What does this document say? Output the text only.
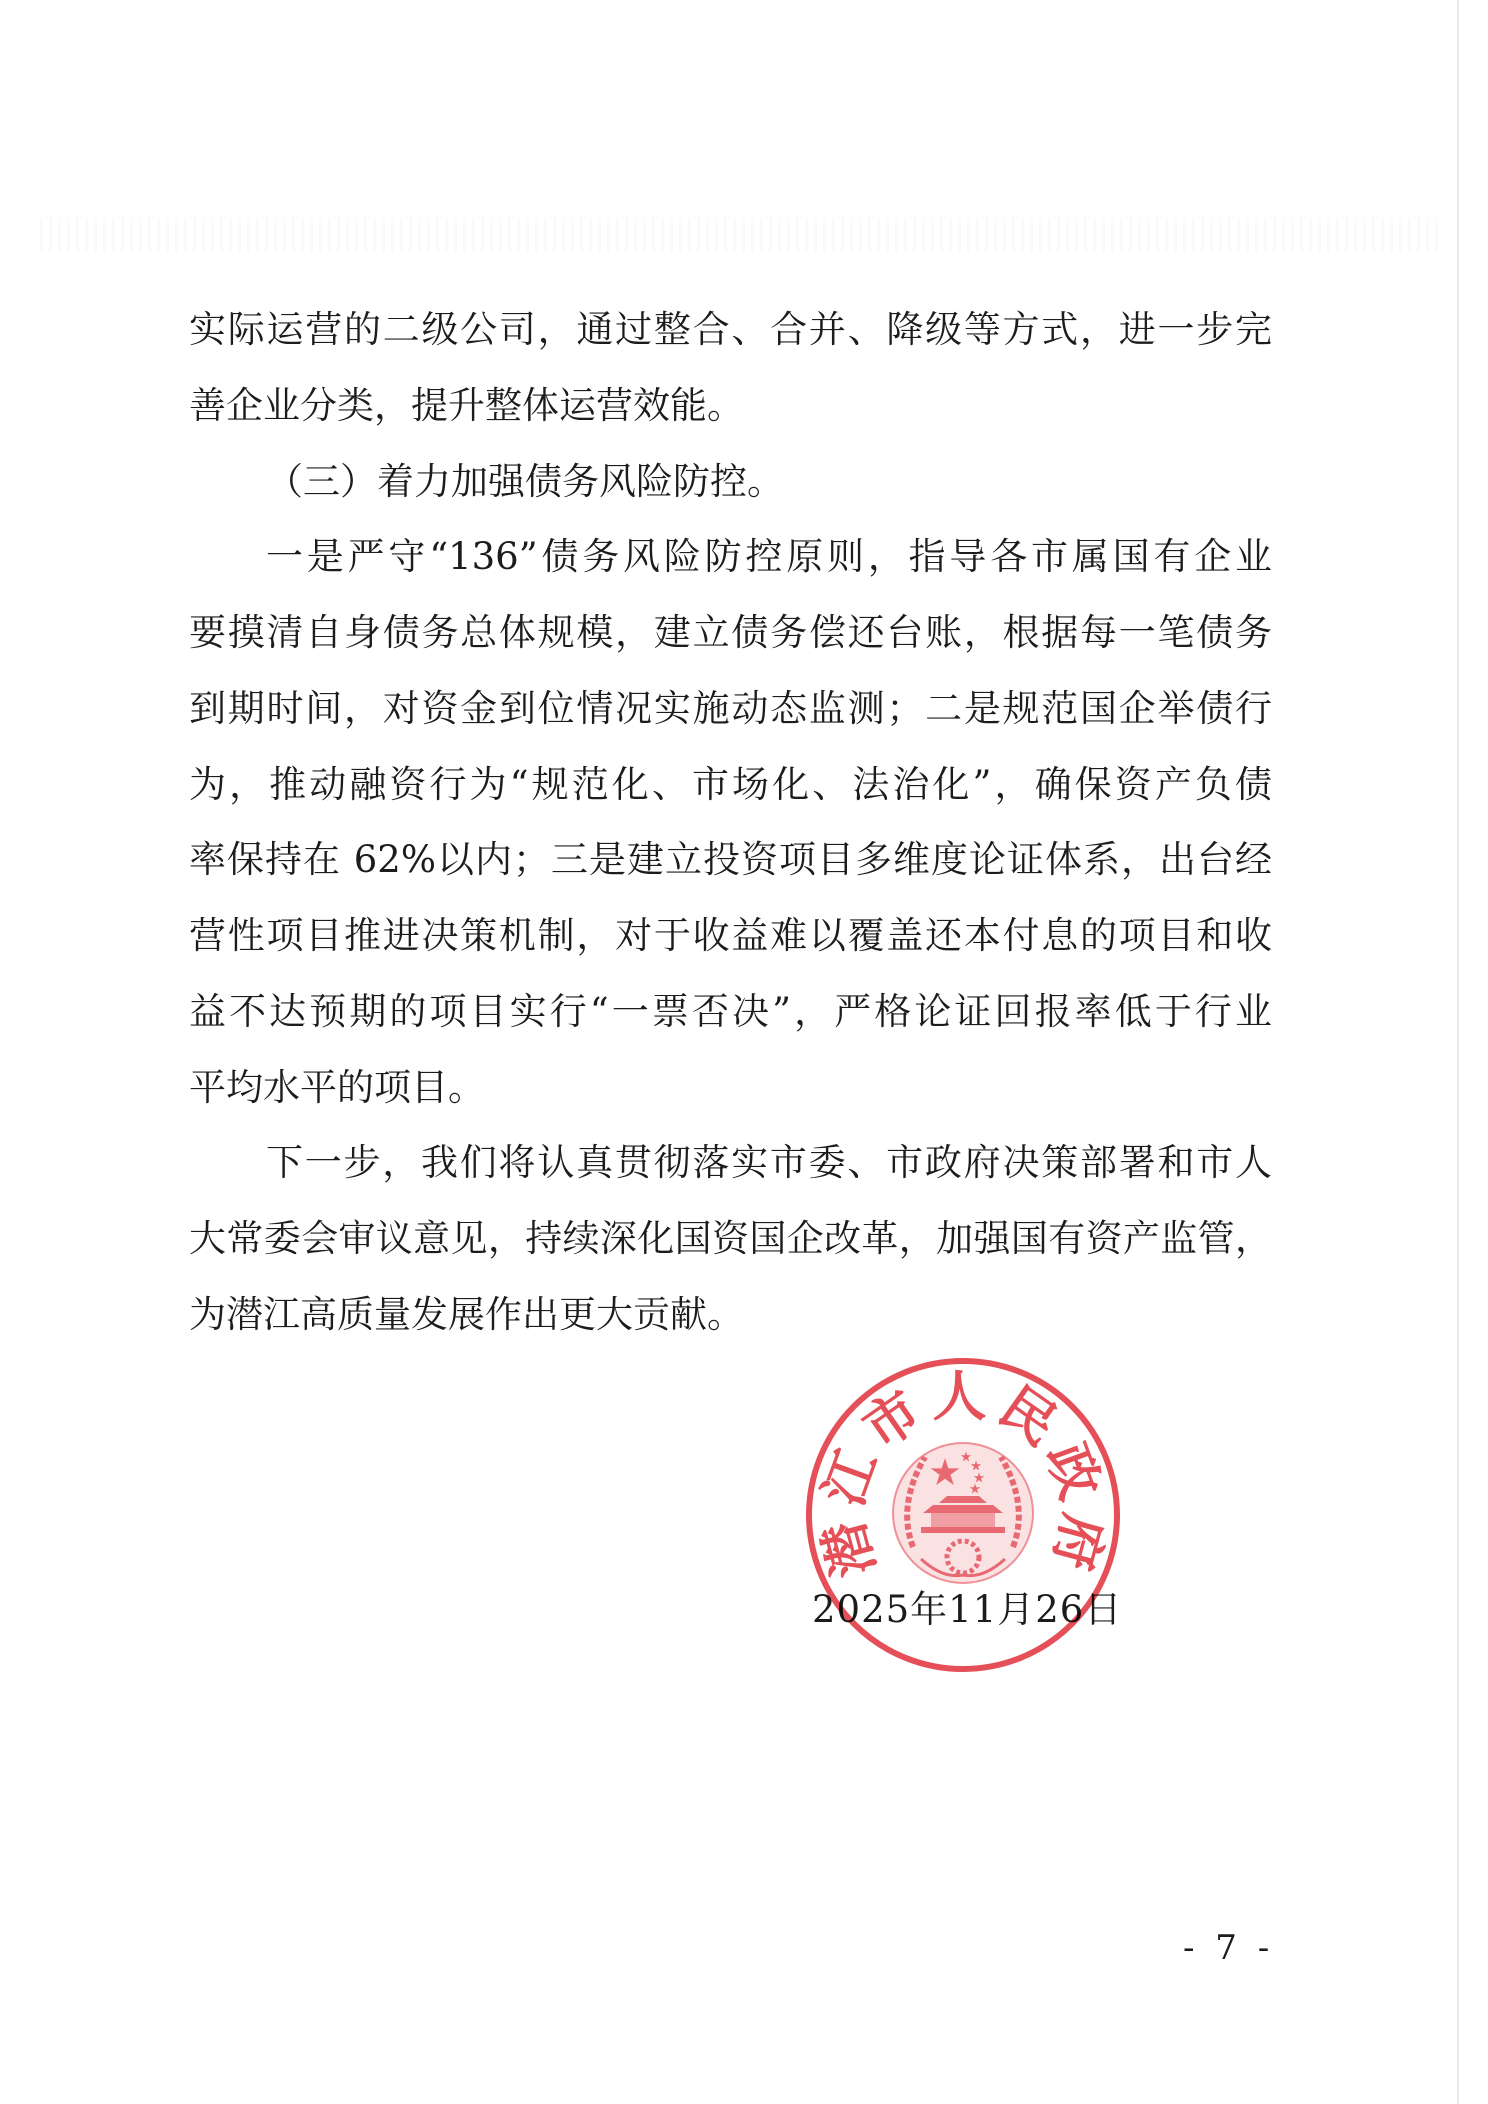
实际运营的二级公司，通过整合、合并、降级等方式，进一步完
善企业分类，提升整体运营效能。
（三）着力加强债务风险防控。
一是严守“136”债务风险防控原则，指导各市属国有企业
要摸清自身债务总体规模，建立债务偿还台账，根据每一笔债务
到期时间，对资金到位情况实施动态监测；二是规范国企举债行
为，推动融资行为“规范化、市场化、法治化”，确保资产负债
率保持在 62%以内；三是建立投资项目多维度论证体系，出台经
营性项目推进决策机制，对于收益难以覆盖还本付息的项目和收
益不达预期的项目实行“一票否决”，严格论证回报率低于行业
平均水平的项目。
下一步，我们将认真贯彻落实市委、市政府决策部署和市人
大常委会审议意见，持续深化国资国企改革，加强国有资产监管，
为潜江高质量发展作出更大贡献。
2025年11月26日
潜江市人民政府
- 7 -
